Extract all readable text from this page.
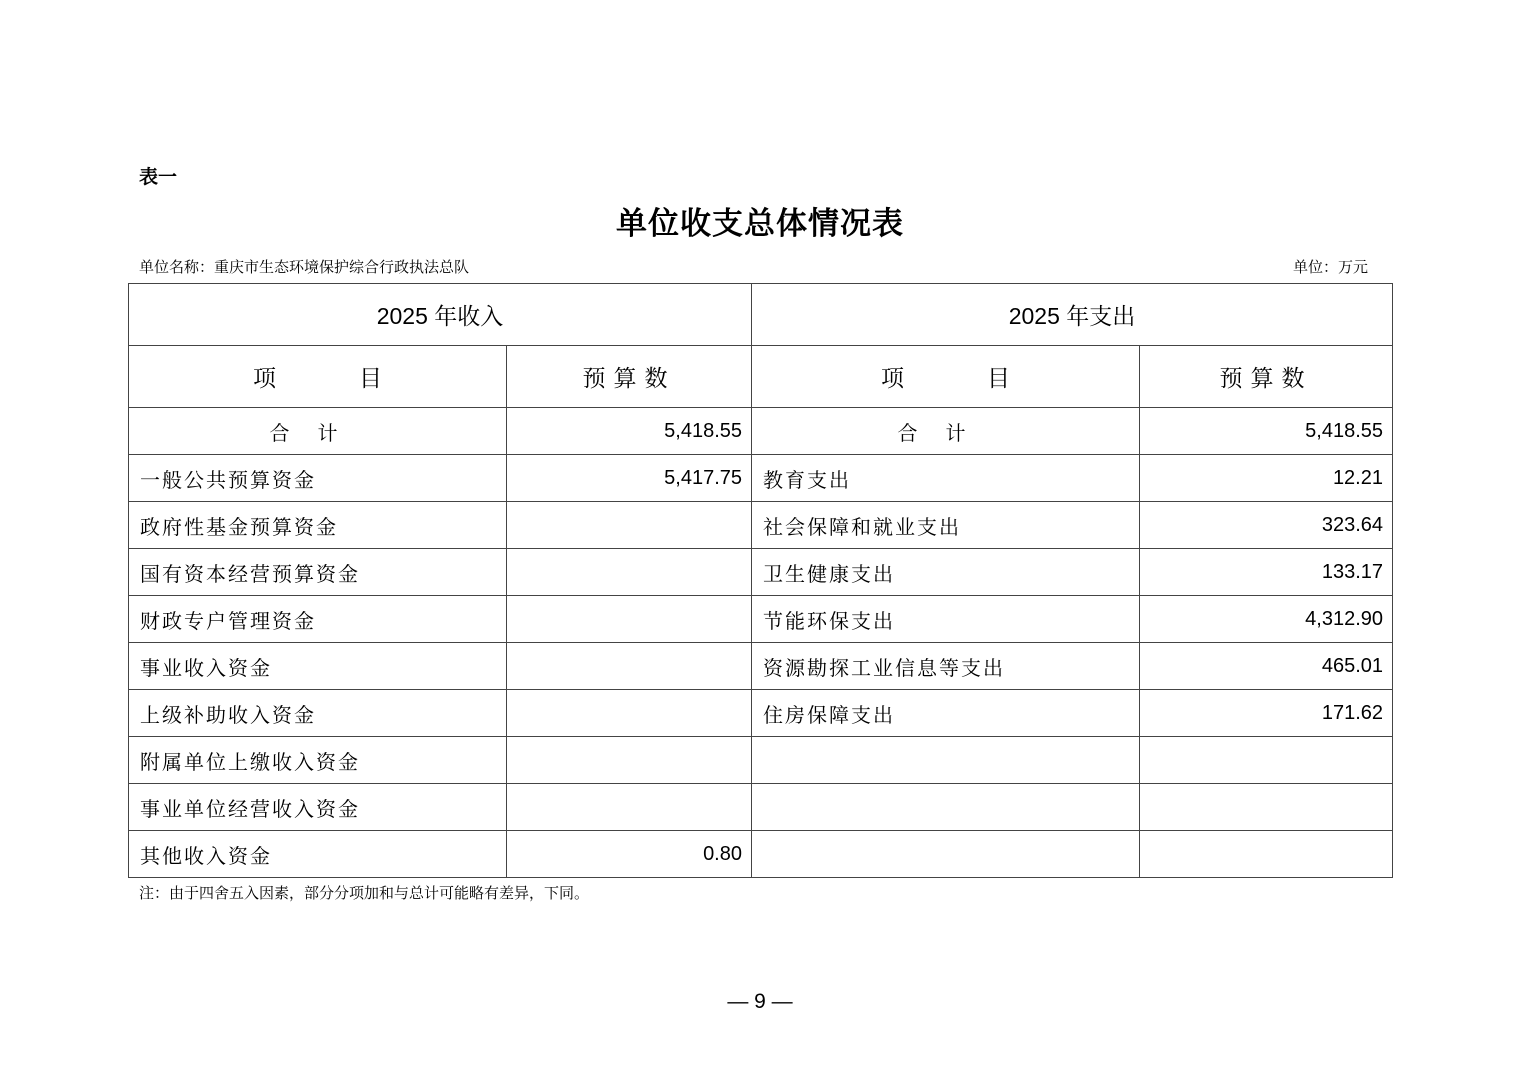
表一
单位收支总体情况表
单位名称：重庆市生态环境保护综合行政执法总队	单位：万元
2025 年收入		2025 年支出	
项　目	预算数	项　目	预算数
合计	5,418.55	合计	5,418.55
一般公共预算资金	5,417.75	教育支出	12.21
政府性基金预算资金		社会保障和就业支出	323.64
国有资本经营预算资金		卫生健康支出	133.17
财政专户管理资金		节能环保支出	4,312.90
事业收入资金		资源勘探工业信息等支出	465.01
上级补助收入资金		住房保障支出	171.62
附属单位上缴收入资金			
事业单位经营收入资金			
其他收入资金	0.80		
注：由于四舍五入因素，部分分项加和与总计可能略有差异，下同。
— 9 —
